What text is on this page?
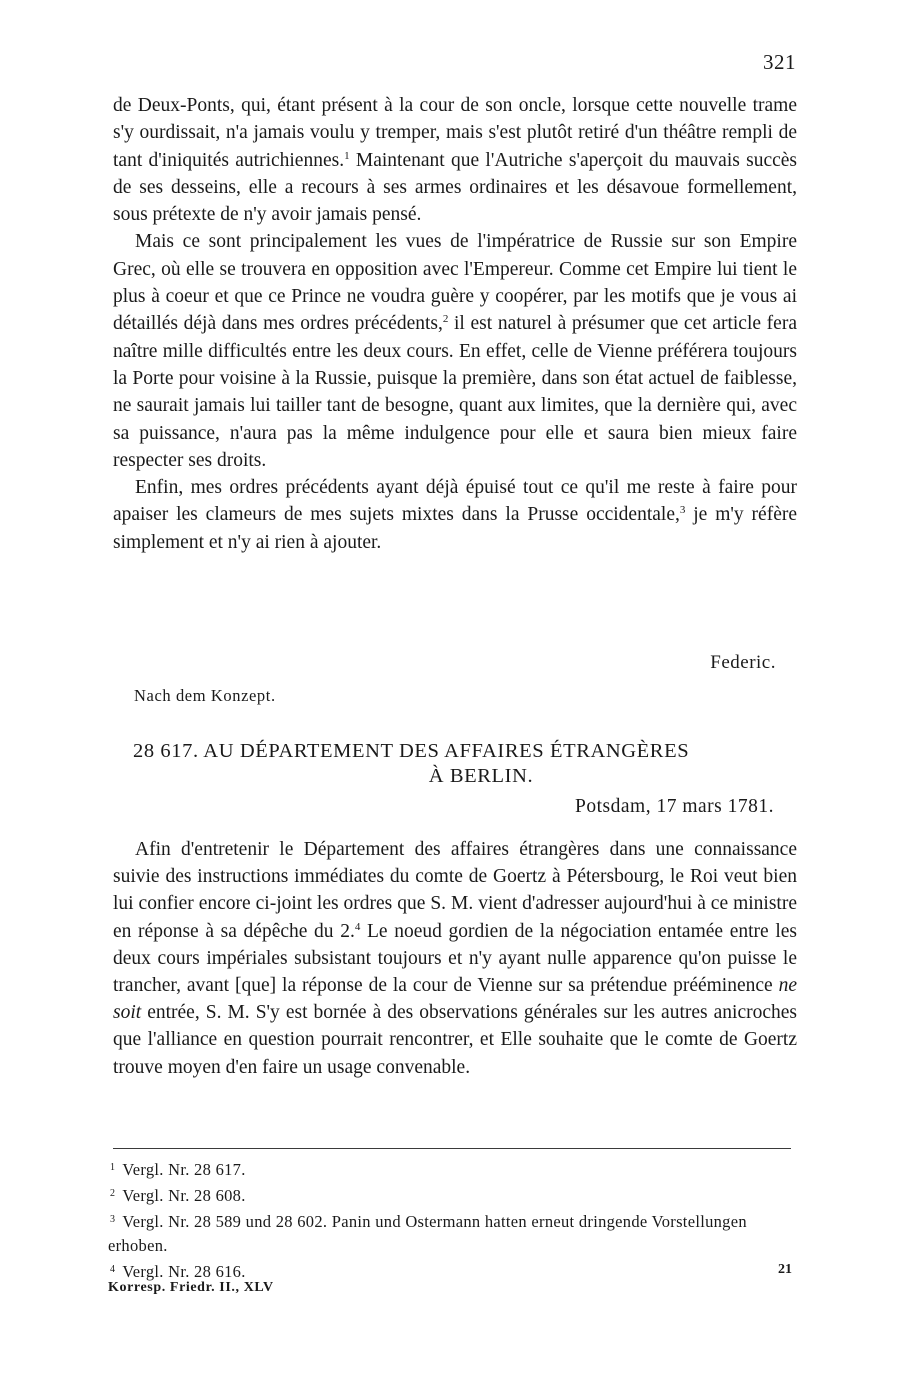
321

de Deux-Ponts, qui, étant présent à la cour de son oncle, lorsque cette nouvelle trame s'y ourdissait, n'a jamais voulu y tremper, mais s'est plutôt retiré d'un théâtre rempli de tant d'iniquités autrichiennes.$^1$ Maintenant que l'Autriche s'aperçoit du mauvais succès de ses desseins, elle a recours à ses armes ordinaires et les désavoue formellement, sous prétexte de n'y avoir jamais pensé.

Mais ce sont principalement les vues de l'impératrice de Russie sur son Empire Grec, où elle se trouvera en opposition avec l'Empereur. Comme cet Empire lui tient le plus à coeur et que ce Prince ne voudra guère y coopérer, par les motifs que je vous ai détaillés déjà dans mes ordres précédents,$^2$ il est naturel à présumer que cet article fera naître mille difficultés entre les deux cours. En effet, celle de Vienne préférera toujours la Porte pour voisine à la Russie, puisque la première, dans son état actuel de faiblesse, ne saurait jamais lui tailler tant de besogne, quant aux limites, que la dernière qui, avec sa puissance, n'aura pas la même indulgence pour elle et saura bien mieux faire respecter ses droits.

Enfin, mes ordres précédents ayant déjà épuisé tout ce qu'il me reste à faire pour apaiser les clameurs de mes sujets mixtes dans la Prusse occidentale,$^3$ je m'y réfère simplement et n'y ai rien à ajouter.

Federic.
Nach dem Konzept.
28 617. AU DÉPARTEMENT DES AFFAIRES ÉTRANGÈRES
À BERLIN.
Potsdam, 17 mars 1781.

Afin d'entretenir le Département des affaires étrangères dans une connaissance suivie des instructions immédiates du comte de Goertz à Pétersbourg, le Roi veut bien lui confier encore ci-joint les ordres que S. M. vient d'adresser aujourd'hui à ce ministre en réponse à sa dépêche du 2.$^4$ Le noeud gordien de la négociation entamée entre les deux cours impériales subsistant toujours et n'y ayant nulle apparence qu'on puisse le trancher, avant [que] la réponse de la cour de Vienne sur sa prétendue prééminence ne soit entrée, S. M. S'y est bornée à des observations générales sur les autres anicroches que l'alliance en question pourrait rencontrer, et Elle souhaite que le comte de Goertz trouve moyen d'en faire un usage convenable.

$^1$ Vergl. Nr. 28 617.

$^2$ Vergl. Nr. 28 608.

$^3$ Vergl. Nr. 28 589 und 28 602. Panin und Ostermann hatten erneut dringende Vorstellungen erhoben.

$^4$ Vergl. Nr. 28 616.	21
Korresp. Friedr. II., XLV
